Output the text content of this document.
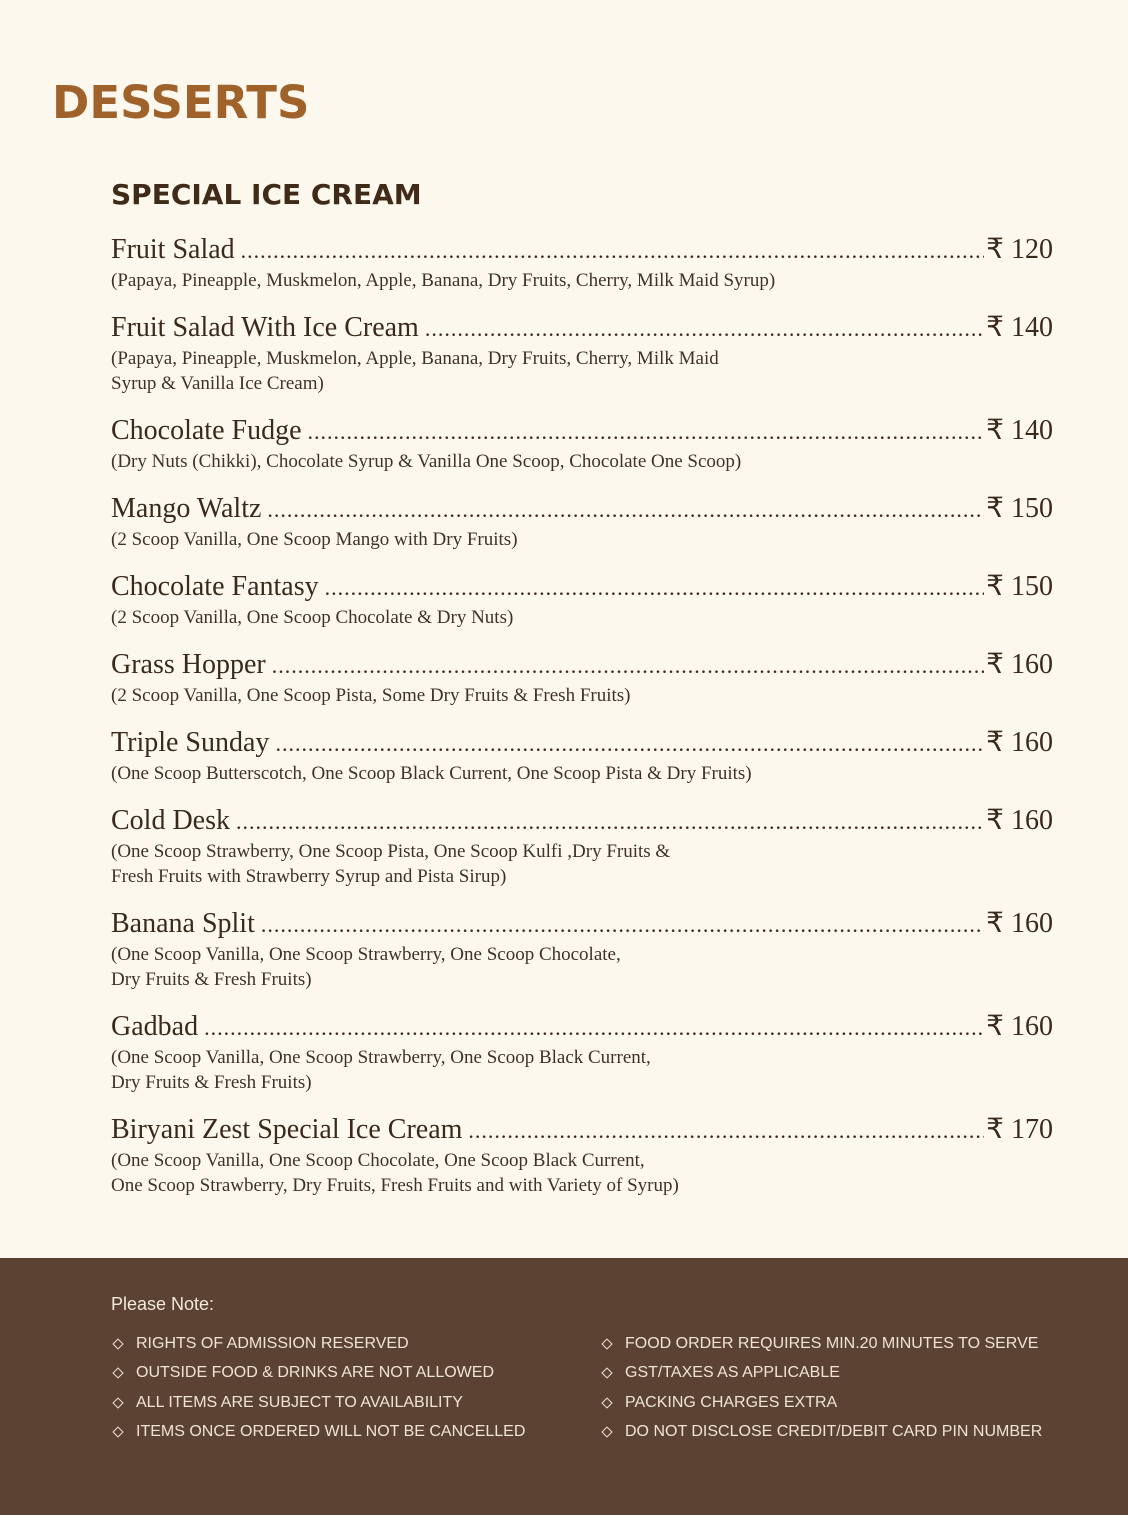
DESSERTS
SPECIAL ICE CREAM
Fruit Salad .....	₹ 120
(Papaya, Pineapple, Muskmelon, Apple, Banana, Dry Fruits, Cherry, Milk Maid Syrup)
Fruit Salad With Ice Cream .....	₹ 140
(Papaya, Pineapple, Muskmelon, Apple, Banana, Dry Fruits, Cherry, Milk Maid
Syrup & Vanilla Ice Cream)
Chocolate Fudge .....	₹ 140
(Dry Nuts (Chikki), Chocolate Syrup & Vanilla One Scoop, Chocolate One Scoop)
Mango Waltz .....	₹ 150
(2 Scoop Vanilla, One Scoop Mango with Dry Fruits)
Chocolate Fantasy .....	₹ 150
(2 Scoop Vanilla, One Scoop Chocolate & Dry Nuts)
Grass Hopper .....	₹ 160
(2 Scoop Vanilla, One Scoop Pista, Some Dry Fruits & Fresh Fruits)
Triple Sunday .....	₹ 160
(One Scoop Butterscotch, One Scoop Black Current, One Scoop Pista & Dry Fruits)
Cold Desk .....	₹ 160
(One Scoop Strawberry, One Scoop Pista, One Scoop Kulfi ,Dry Fruits &
Fresh Fruits with Strawberry Syrup and Pista Sirup)
Banana Split .....	₹ 160
(One Scoop Vanilla, One Scoop Strawberry, One Scoop Chocolate,
Dry Fruits & Fresh Fruits)
Gadbad .....	₹ 160
(One Scoop Vanilla, One Scoop Strawberry, One Scoop Black Current,
Dry Fruits & Fresh Fruits)
Biryani Zest Special Ice Cream .....	₹ 170
(One Scoop Vanilla, One Scoop Chocolate, One Scoop Black Current,
One Scoop Strawberry, Dry Fruits, Fresh Fruits and with Variety of Syrup)
Please Note:
RIGHTS OF ADMISSION RESERVED
OUTSIDE FOOD & DRINKS ARE NOT ALLOWED
ALL ITEMS ARE SUBJECT TO AVAILABILITY
ITEMS ONCE ORDERED WILL NOT BE CANCELLED
FOOD ORDER REQUIRES MIN.20 MINUTES TO SERVE
GST/TAXES AS APPLICABLE
PACKING CHARGES EXTRA
DO NOT DISCLOSE CREDIT/DEBIT CARD PIN NUMBER
